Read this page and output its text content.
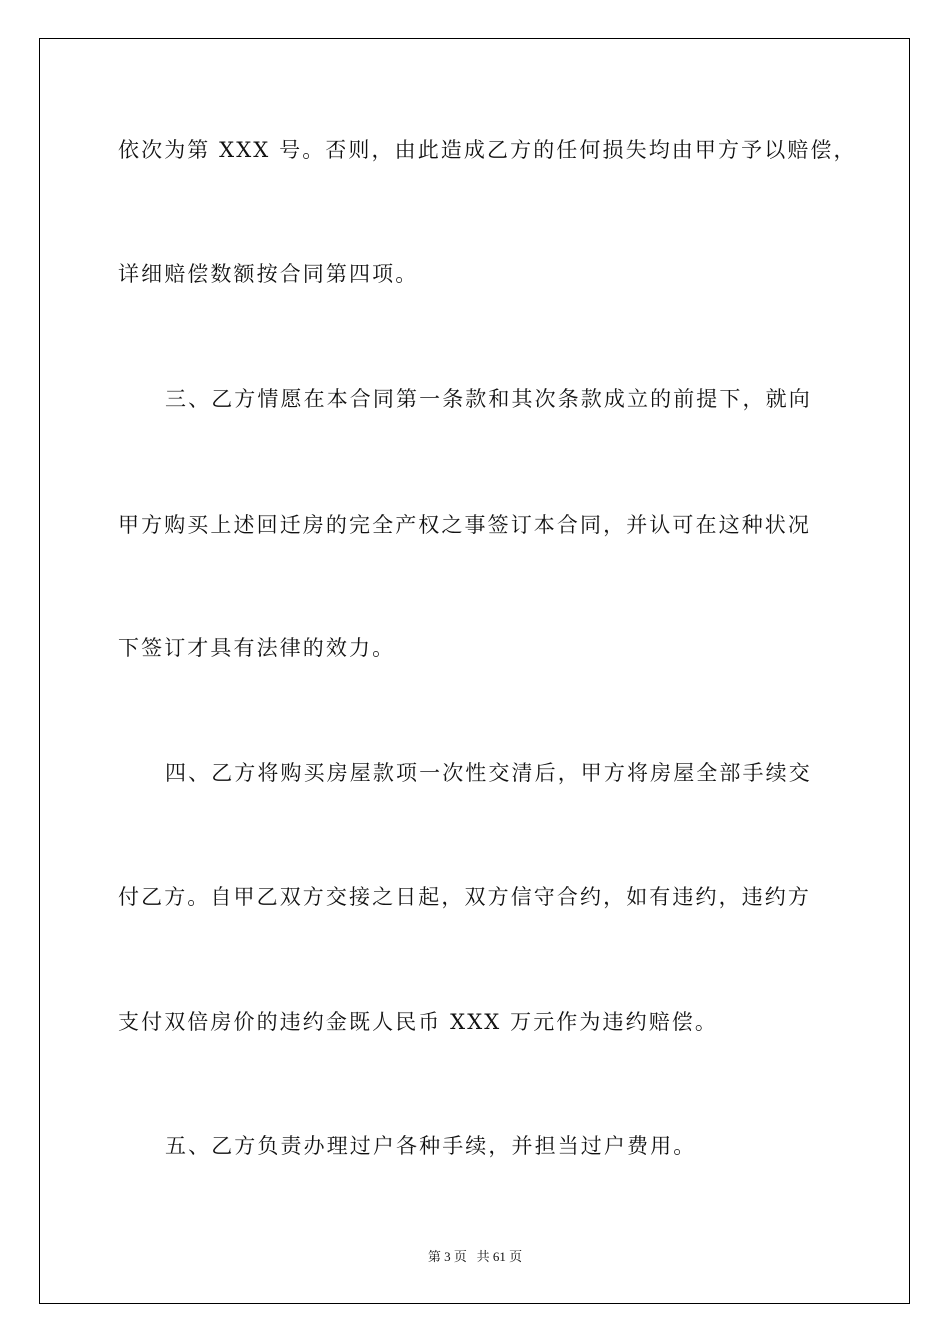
依次为第 XXX 号。否则，由此造成乙方的任何损失均由甲方予以赔偿，
详细赔偿数额按合同第四项。
三、乙方情愿在本合同第一条款和其次条款成立的前提下，就向
甲方购买上述回迁房的完全产权之事签订本合同，并认可在这种状况
下签订才具有法律的效力。
四、乙方将购买房屋款项一次性交清后，甲方将房屋全部手续交
付乙方。自甲乙双方交接之日起，双方信守合约，如有违约，违约方
支付双倍房价的违约金既人民币 XXX 万元作为违约赔偿。
五、乙方负责办理过户各种手续，并担当过户费用。
第 3 页 共 61 页
